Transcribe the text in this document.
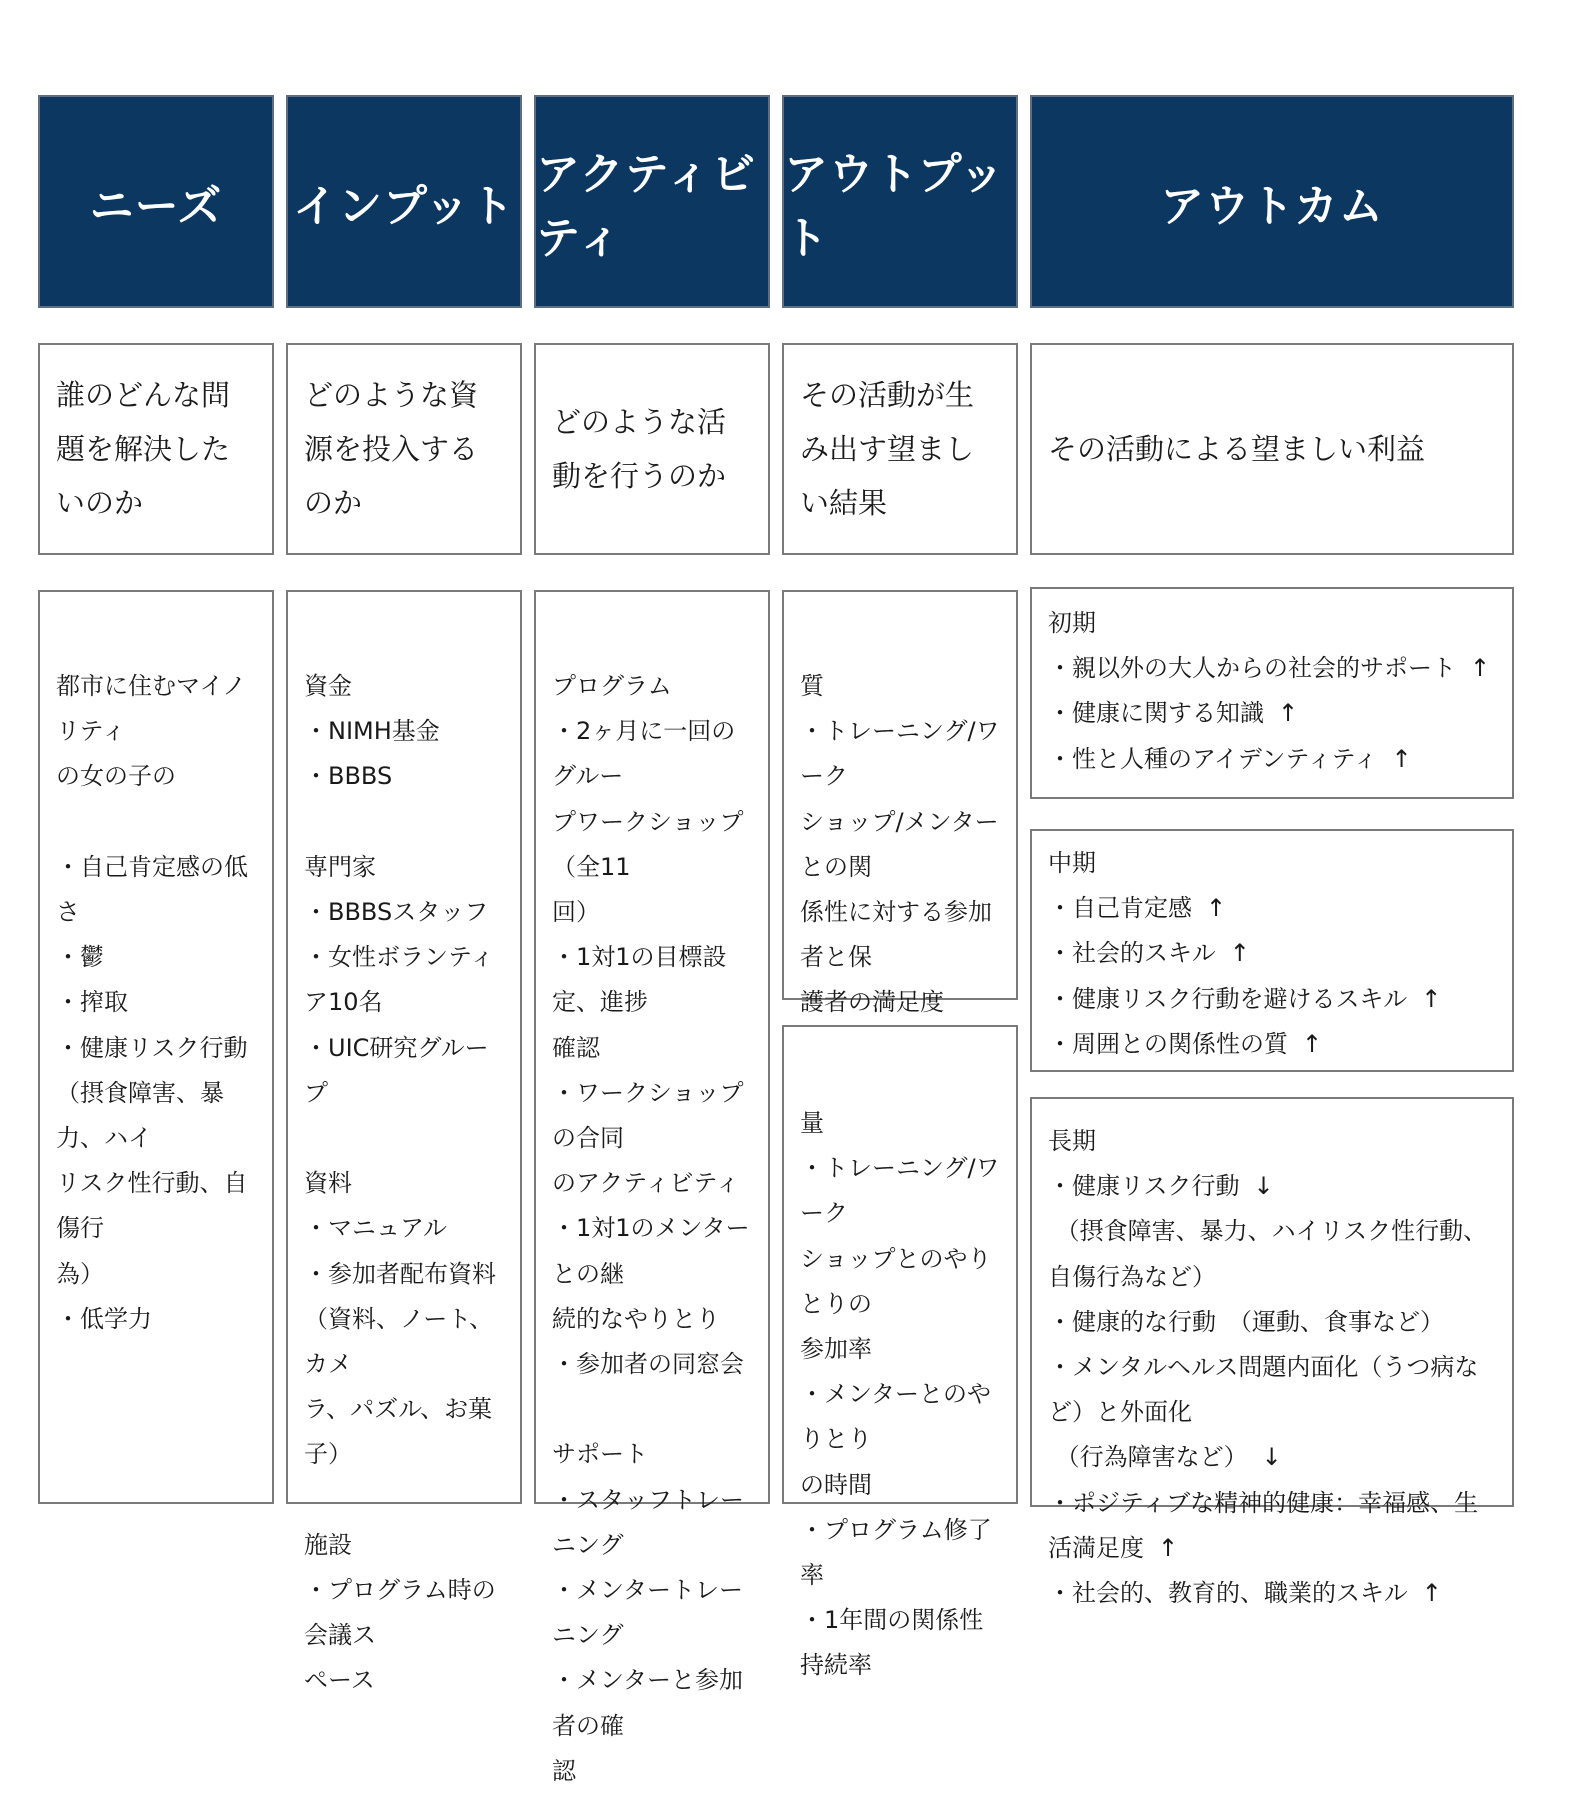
ニーズ インプット
アクティビティ
アウトプット
アウトカム
誰のどんな問題を解決したいのか
どのような資源を投入するのか
どのような活動を行うのか
その活動が生み出す望ましい結果
その活動による望ましい利益
都市に住むマイノリティ
の女の子の
・自己肯定感の低さ
・鬱
・搾取
・健康リスク行動
（摂食障害、暴力、ハイ
リスク性行動、自傷行
為）
・低学力
資金
・NIMH基金
・BBBS
専門家
・BBBSスタッフ
・女性ボランティア10名
・UIC研究グループ
資料
・マニュアル
・参加者配布資料
（資料、ノート、カメ
ラ、パズル、お菓子）
施設
・プログラム時の会議ス
ペース
プログラム
・2ヶ月に一回のグルー
プワークショップ（全11
回）
・1対1の目標設定、進捗
確認
・ワークショップの合同
のアクティビティ
・1対1のメンターとの継
続的なやりとり
・参加者の同窓会
サポート
・スタッフトレーニング
・メンタートレーニング
・メンターと参加者の確
認
質
・トレーニング/ワーク
ショップ/メンターとの関
係性に対する参加者と保
護者の満足度
量
・トレーニング/ワーク
ショップとのやりとりの
参加率
・メンターとのやりとり
の時間
・プログラム修了率
・1年間の関係性持続率
初期
・親以外の大人からの社会的サポート ↑
・健康に関する知識 ↑
・性と人種のアイデンティティ ↑
中期
・自己肯定感 ↑
・社会的スキル ↑
・健康リスク行動を避けるスキル ↑
・周囲との関係性の質 ↑
長期
・健康リスク行動 ↓
（摂食障害、暴力、ハイリスク性行動、自傷行為など）
・健康的な行動　（運動、食事など）
・メンタルヘルス問題内面化（うつ病など）と外面化
（行為障害など） ↓
・ポジティブな精神的健康：幸福感、生活満足度 ↑
・社会的、教育的、職業的スキル ↑
